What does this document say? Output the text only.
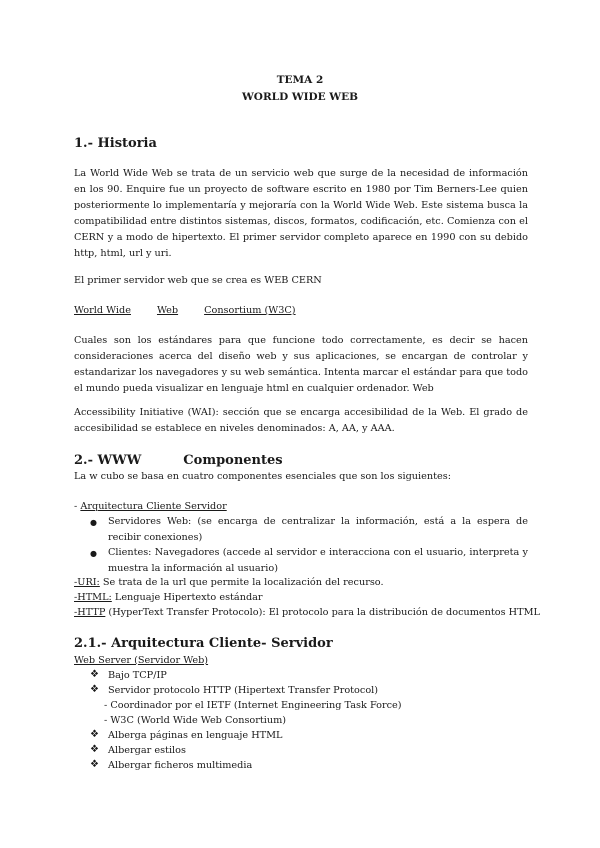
TEMA 2
WORLD WIDE WEB
1.- Historia
La World Wide Web se trata de un servicio web que surge de la necesidad de información en los 90. Enquire fue un proyecto de software escrito en 1980 por Tim Berners-Lee quien posteriormente lo implementaría y mejoraría con la World Wide Web. Este sistema busca la compatibilidad entre distintos sistemas, discos, formatos, codificación, etc. Comienza con el CERN y a modo de hipertexto. El primer servidor completo aparece en 1990 con su debido http, html, url y uri.
El primer servidor web que se crea es WEB CERN
World Wide	Web	Consortium (W3C)
Cuales son los estándares para que funcione todo correctamente, es decir se hacen consideraciones acerca del diseño web y sus aplicaciones, se encargan de controlar y estandarizar los navegadores y su web semántica. Intenta marcar el estándar para que todo el mundo pueda visualizar en lenguaje html en cualquier ordenador. Web
Accessibility Initiative (WAI): sección que se encarga accesibilidad de la Web. El grado de accesibilidad se establece en niveles denominados: A, AA, y AAA.
2.- WWW	Componentes
La w cubo se basa en cuatro componentes esenciales que son los siguientes:
- Arquitectura Cliente Servidor
● Servidores Web: (se encarga de centralizar la información, está a la espera de recibir conexiones)
● Clientes: Navegadores (accede al servidor e interacciona con el usuario, interpreta y muestra la información al usuario)
-URI: Se trata de la url que permite la localización del recurso.
-HTML: Lenguaje Hipertexto estándar
-HTTP (HyperText Transfer Protocolo): El protocolo para la distribución de documentos HTML
2.1.- Arquitectura Cliente- Servidor
Web Server (Servidor Web)
❖ Bajo TCP/IP
❖ Servidor protocolo HTTP (Hipertext Transfer Protocol)
- Coordinador por el IETF (Internet Engineering Task Force)
- W3C (World Wide Web Consortium)
❖ Alberga páginas en lenguaje HTML
❖ Albergar estilos
❖ Albergar ficheros multimedia
